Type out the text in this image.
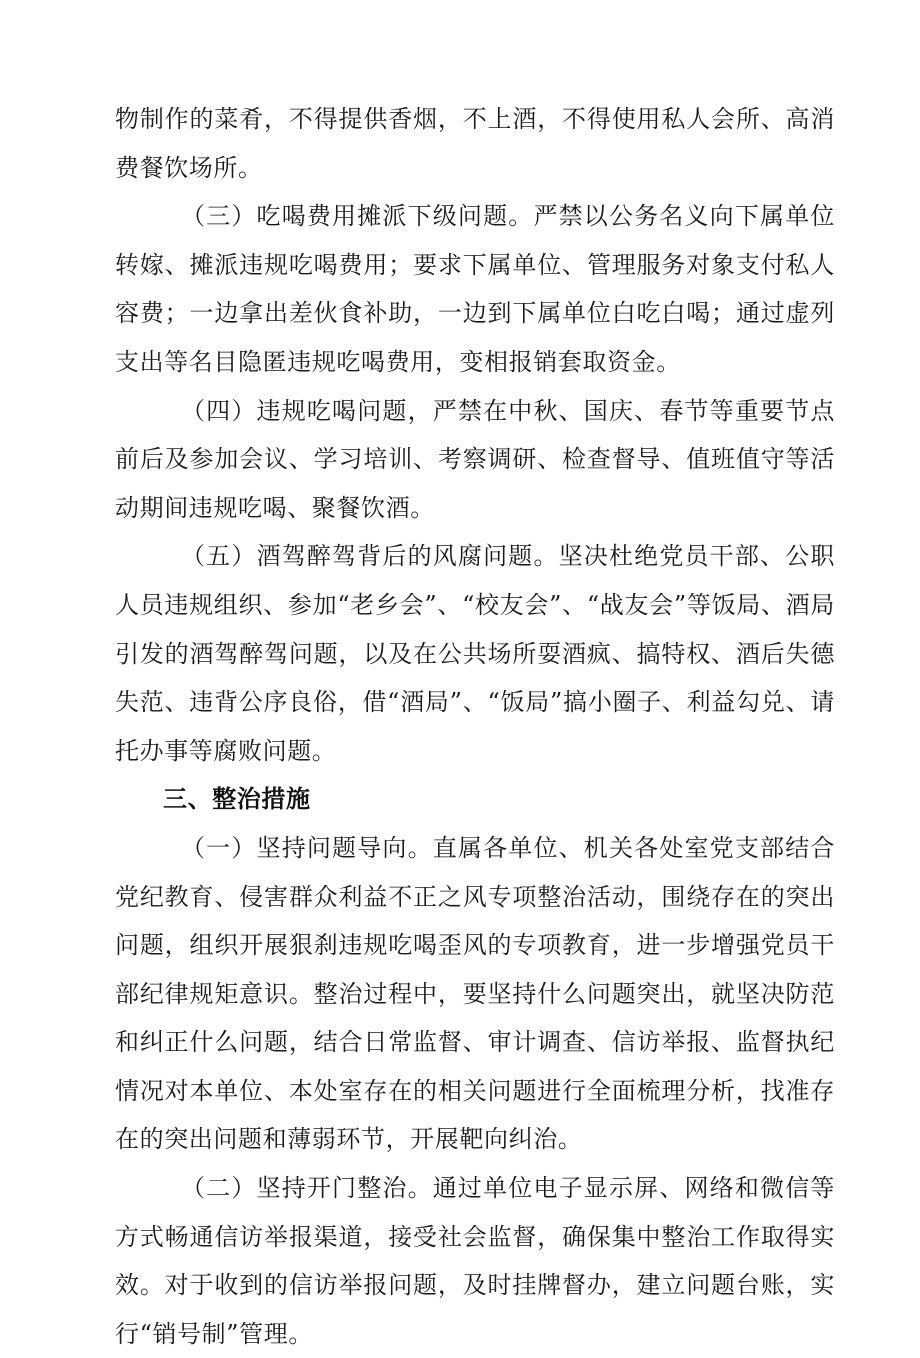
物制作的菜肴，不得提供香烟，不上酒，不得使用私人会所、高消费餐饮场所。

（三）吃喝费用摊派下级问题。严禁以公务名义向下属单位转嫁、摊派违规吃喝费用；要求下属单位、管理服务对象支付私人容费；一边拿出差伙食补助，一边到下属单位白吃白喝；通过虚列支出等名目隐匿违规吃喝费用，变相报销套取资金。

（四）违规吃喝问题，严禁在中秋、国庆、春节等重要节点前后及参加会议、学习培训、考察调研、检查督导、值班值守等活动期间违规吃喝、聚餐饮酒。

（五）酒驾醉驾背后的风腐问题。坚决杜绝党员干部、公职人员违规组织、参加“老乡会”、“校友会”、“战友会”等饭局、酒局引发的酒驾醉驾问题，以及在公共场所耍酒疯、搞特权、酒后失德失范、违背公序良俗，借“酒局”、“饭局”搞小圈子、利益勾兑、请托办事等腐败问题。

三、整治措施

（一）坚持问题导向。直属各单位、机关各处室党支部结合党纪教育、侵害群众利益不正之风专项整治活动，围绕存在的突出问题，组织开展狠刹违规吃喝歪风的专项教育，进一步增强党员干部纪律规矩意识。整治过程中，要坚持什么问题突出，就坚决防范和纠正什么问题，结合日常监督、审计调查、信访举报、监督执纪情况对本单位、本处室存在的相关问题进行全面梳理分析，找准存在的突出问题和薄弱环节，开展靶向纠治。

（二）坚持开门整治。通过单位电子显示屏、网络和微信等方式畅通信访举报渠道，接受社会监督，确保集中整治工作取得实效。对于收到的信访举报问题，及时挂牌督办，建立问题台账，实行“销号制”管理。
